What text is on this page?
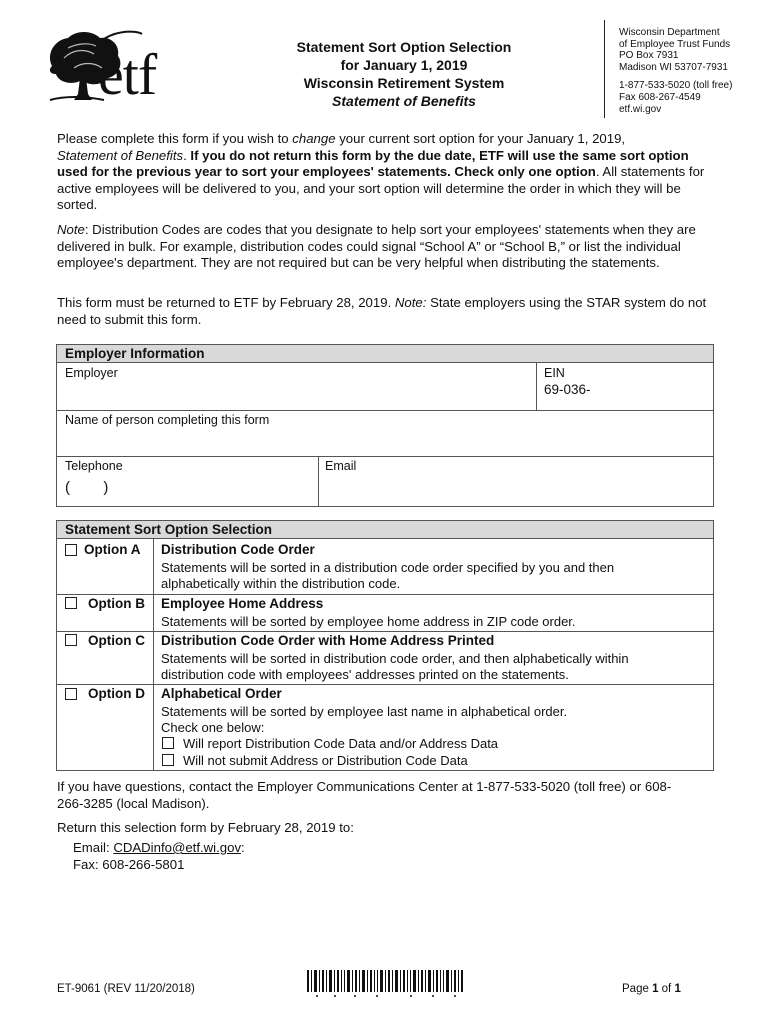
etf	Statement Sort Option Selection
for January 1, 2019
Wisconsin Retirement System
Statement of Benefits
Wisconsin Department
of Employee Trust Funds
PO Box 7931
Madison WI 53707-7931
1-877-533-5020 (toll free)
Fax 608-267-4549
etf.wi.gov
Please complete this form if you wish to change your current sort option for your January 1, 2019,
Statement of Benefits. If you do not return this form by the due date, ETF will use the same sort option used for the previous year to sort your employees' statements. Check only one option. All statements for active employees will be delivered to you, and your sort option will determine the order in which they will be sorted.
Note: Distribution Codes are codes that you designate to help sort your employees' statements when they are delivered in bulk. For example, distribution codes could signal “School A” or “School B,” or list the individual employee's department. They are not required but can be very helpful when distributing the statements.
This form must be returned to ETF by February 28, 2019. Note: State employers using the STAR system do not need to submit this form.
Employer Information
Employer	EIN
69-036-
Name of person completing this form
Telephone
(        )
Email
Statement Sort Option Selection
Option A Distribution Code Order
Statements will be sorted in a distribution code order specified by you and then alphabetically within the distribution code.
Option B Employee Home Address
Statements will be sorted by employee home address in ZIP code order.
Option C Distribution Code Order with Home Address Printed
Statements will be sorted in distribution code order, and then alphabetically within distribution code with employees' addresses printed on the statements.
Option D Alphabetical Order
Statements will be sorted by employee last name in alphabetical order.
Check one below:
Will report Distribution Code Data and/or Address Data
Will not submit Address or Distribution Code Data
If you have questions, contact the Employer Communications Center at 1-877-533-5020 (toll free) or 608-266-3285 (local Madison).
Return this selection form by February 28, 2019 to:
Email: CDADinfo@etf.wi.gov:
Fax: 608-266-5801
ET-9061 (REV 11/20/2018)	Page 1 of 1
